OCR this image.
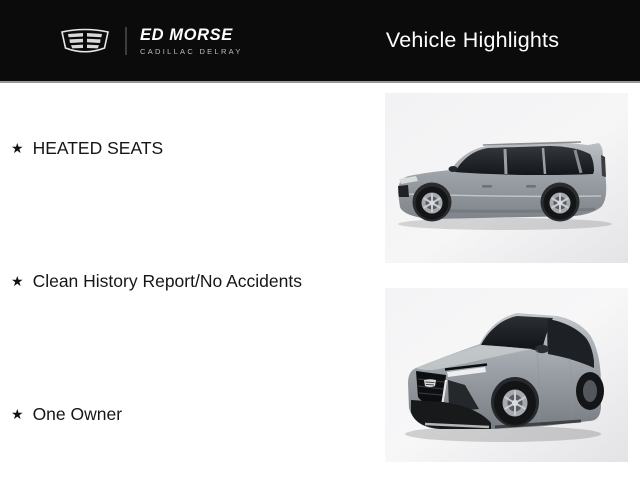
ED MORSE
CADILLAC DELRAY	Vehicle Highlights
★ HEATED SEATS
★ Clean History Report/No Accidents
★ One Owner
